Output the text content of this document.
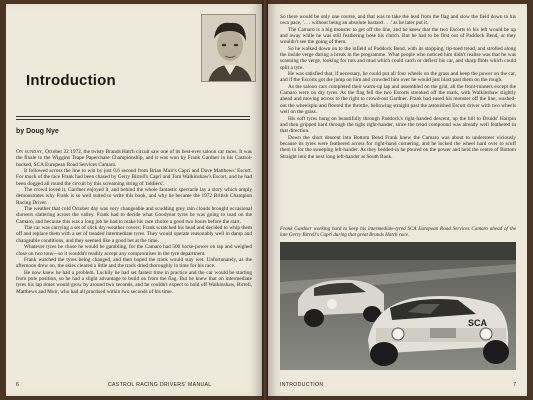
Introduction
by Doug Nye

On sunday, October 22 1972, the twisty Brands Hatch circuit saw one of its best-ever saloon car races. It was the finale to the Wiggins Teape Paperchase Championship, and it was won by Frank Gardner in his Castrol-backed, SCA European Road Services Camaro.

It followed across the line to win by just 0.6 second from Brian Muir's Capri and Dave Matthews' Escort. For much of the race Frank had been chased by Gerry Birrell's Capri and Tom Walkinshaw's Escort, and he had been dogged all round the circuit by this screaming string of 'tiddlers'.

The crowd loved it, Gardner enjoyed it, and behind the whole fantastic spectacle lay a story which amply demonstrates why Frank is so well suited to write this book, and why he became the 1972 British Champion Racing Driver.

The weather that cold October day was very changeable and scudding grey rain clouds brought occasional showers slattering across the valley. Frank had to decide what Goodyear tyres he was going to load on the Camaro, and because this was a long job he had to make his race choice a good two hours before the start.

The car was carrying a set of slick dry-weather covers; Frank scratched his head and decided to whip them off and replace them with a set of treaded intermediate tyres. They would operate reasonably well in damp and changeable conditions, and they seemed like a good bet at the time.

Whatever tyres he chose he would be gambling, for the Camaro had 500 horse-power on tap and weighed close on two tons—so it wouldn't readily accept any compromises in the tyre department.

Frank watched the tyres being changed, and then hoped the track would stay wet. Unfortunately, as the afternoon drew on, the skies cleared a little and the track dried thoroughly in time for his race.

He now knew he had a problem. Luckily he had set fastest time in practice and the car would be starting from pole position, so he had a slight advantage to build on from the flag. But he knew that on intermediate tyres his lap times would grow by around two seconds, and he couldn't expect to hold off Walkinshaw, Birrell, Matthews and Muir, who had all practised within two seconds of his time.

6	CASTROL RACING DRIVERS' MANUAL

So there would be only one course, and that was to take the lead from the flag and slow the field down to his own pace, '. . . without being an absolute bastard . . .' as he later put it.

The Camaro is a big monster to get off the line, and he knew that the two Escorts to his left would be up and away while he was still feathering hose his clutch. But he had to be first out of Paddock Bend, or they wouldn't see the going of them.

So he walked down on to the infield of Paddock Bend, with its stopping, tip-toed tread, and strolled along the inside verge during a break in the programme. What people who noticed him didn't realise was that he was scanning the verge, looking for ruts and mud which could catch or deflect his car, and sharp flints which could split a tyre.

He was satisfied that, if necessary, he could put all four wheels on the grass and keep the power on the car, and if the Escorts got the jump on him and crowded him over he would just blast past them on the rough.

As the saloon cars completed their warm-up lap and assembled on the grid, all the front-runners except the Camaro were on dry tyres. As the flag fell the two Escorts streaked off the mark, with Walkinshaw slightly ahead and moving across to the right to crowd-out Gardner. Frank had eased his monster off the line, washed-out the wheelspin and floored the throttle, bellowing straight past the astonished Escort driver with two wheels well on the grass.

His soft tyres hung on beautifully through Paddock's right-handed descent, up the hill to Druids' Hairpin and then gripped hard through the tight right-hander, since the tread compound was already well feathered in that direction.

Down the short descent into Bottom Bend Frank knew the Camaro was about to understeer viciously because its tyres were feathered across for right-hand cornering, and he locked the wheel hard over to scuff them in for the sweeping left-hander. As they bedded-in he poured on the power and held the centre of Bottom Straight into the next long left-hander at South Bank.

Frank Gardner working hard to keep his intermediate-tyred SCA European Road Services Camaro ahead of the late Gerry Birrell's Capri during that great Brands Hatch race.
SCA
INTRODUCTION	7
